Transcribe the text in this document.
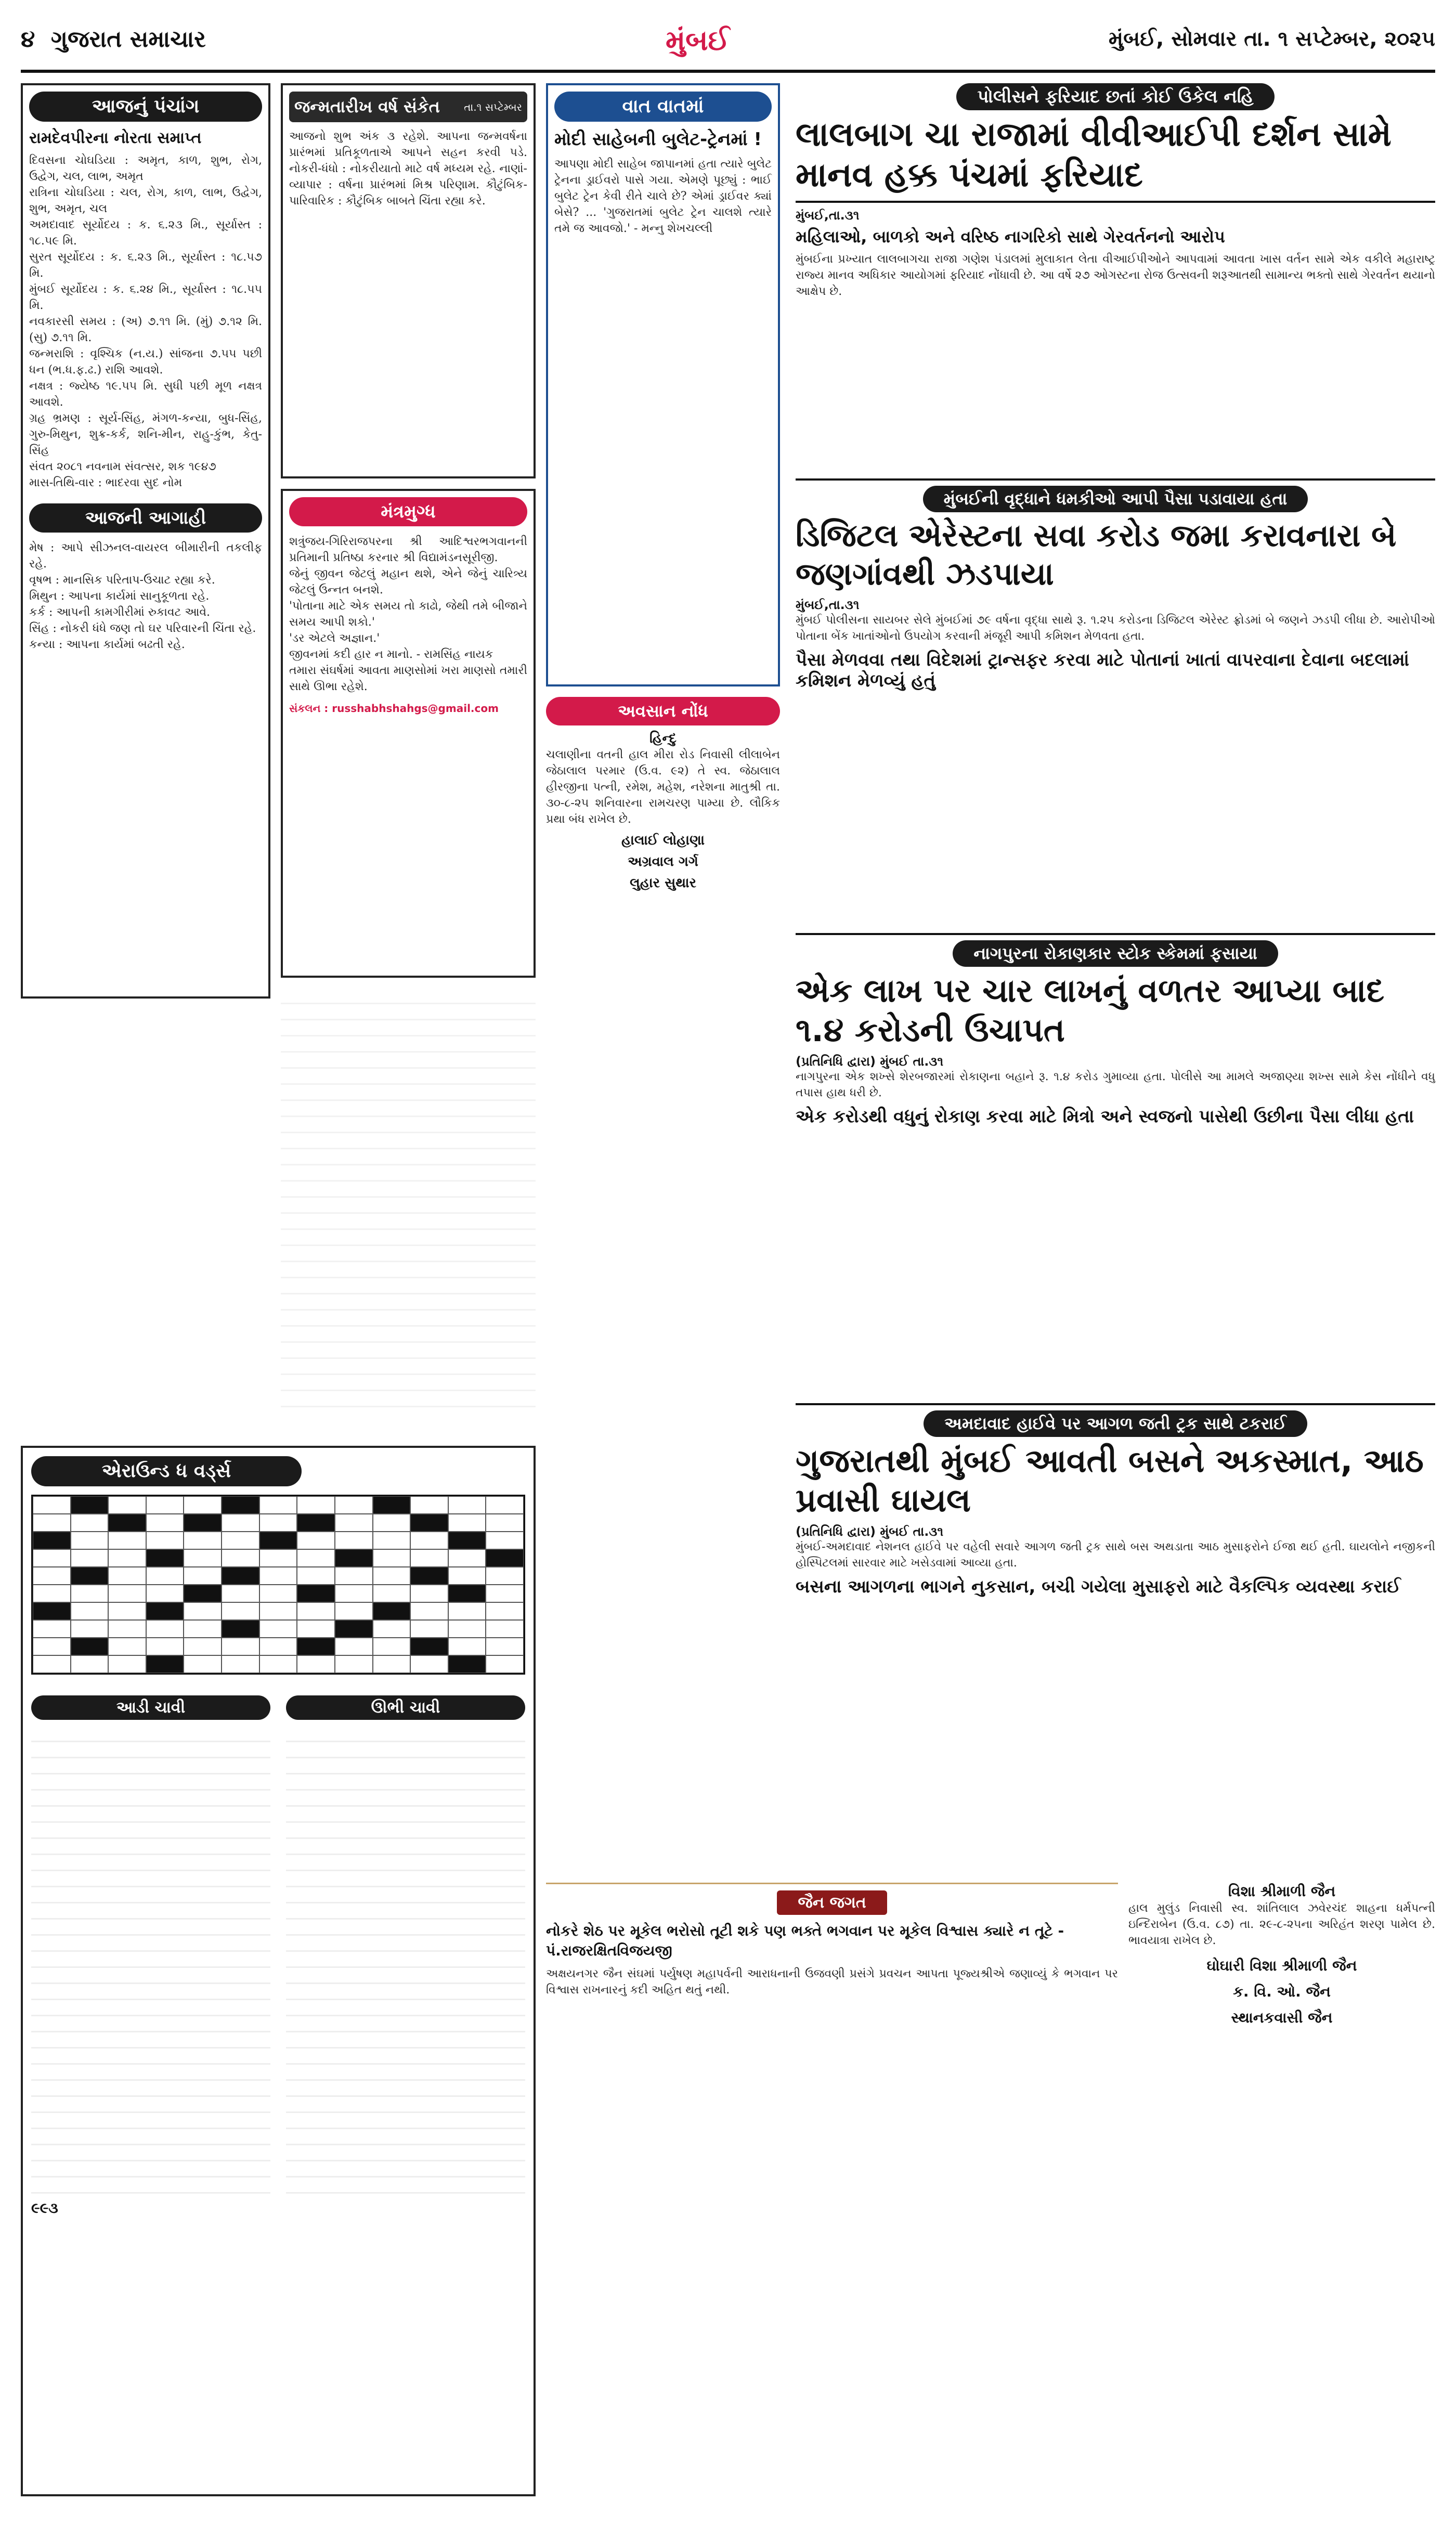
૪ ગુજરાત સમાચાર	મુંબઈ	મુંબઈ, સોમવાર તા. ૧ સપ્ટેમ્બર, ૨૦૨૫
આજનું પંચાંગ
રામદેવપીરના નોરતા સમાપ્ત

દિવસના ચોઘડિયા : અમૃત, કાળ, શુભ, રોગ, ઉદ્વેગ, ચલ, લાભ, અમૃત

રાત્રિના ચોઘડિયા : ચલ, રોગ, કાળ, લાભ, ઉદ્વેગ, શુભ, અમૃત, ચલ

અમદાવાદ સૂર્યોદય : ક. ૬.૨૩ મિ., સૂર્યાસ્ત : ૧૮.૫૯ મિ.

સુરત સૂર્યોદય : ક. ૬.૨૩ મિ., સૂર્યાસ્ત : ૧૮.૫૭ મિ.

મુંબઈ સૂર્યોદય : ક. ૬.૨૪ મિ., સૂર્યાસ્ત : ૧૮.૫૫ મિ.

નવકારસી સમય : (અ) ૭.૧૧ મિ. (મું) ૭.૧૨ મિ. (સુ) ૭.૧૧ મિ.

જન્મરાશિ : વૃશ્ચિક (ન.ય.) સાંજના ૭.૫૫ પછી ધન (ભ.ધ.ફ.ઢ.) રાશિ આવશે.

નક્ષત્ર : જ્યેષ્ઠ ૧૯.૫૫ મિ. સુધી પછી મૂળ નક્ષત્ર આવશે.

ગ્રહ ભ્રમણ : સૂર્ય-સિંહ, મંગળ-કન્યા, બુધ-સિંહ, ગુરુ-મિથુન, શુક્ર-કર્ક, શનિ-મીન, રાહુ-કુંભ, કેતુ-સિંહ

સંવત ૨૦૮૧ નવનામ સંવત્સર, શક ૧૯૪૭

માસ-તિથિ-વાર : ભાદરવા સુદ નોમ

આજની આગાહી

મેષ : આપે સીઝનલ-વાયરલ બીમારીની તકલીફ રહે.

વૃષભ : માનસિક પરિતાપ-ઉચાટ રહ્યા કરે.

મિથુન : આપના કાર્યમાં સાનુકૂળતા રહે.

કર્ક : આપની કામગીરીમાં રુકાવટ આવે.

સિંહ : નોકરી ધંધે જણ તો ઘર પરિવારની ચિંતા રહે.

કન્યા : આપના કાર્યમાં બઢતી રહે.

એરાઉન્ડ ધ વર્ડ્સ
આડી ચાવી	ઊભી ચાવી
૯૯૩
જન્મતારીખ વર્ષ સંકેત તા.૧ સપ્ટેમ્બર
આજનો શુભ અંક ૩ રહેશે. આપના જન્મવર્ષના પ્રારંભમાં પ્રતિકૂળતાએ આપને સહન કરવી પડે. નોકરી-ધંધો : નોકરીયાતો માટે વર્ષ મધ્યમ રહે. નાણાં-વ્યાપાર : વર્ષના પ્રારંભમાં મિશ્ર પરિણામ. કૌટુંબિક-પારિવારિક : કૌટુંબિક બાબતે ચિંતા રહ્યા કરે.
મંત્રમુગ્ધ

શત્રુંજય-ગિરિરાજપરના શ્રી આદિશ્વરભગવાનની પ્રતિમાની પ્રતિષ્ઠા કરનાર શ્રી વિદ્યામંડનસૂરીજી.

જેનું જીવન જેટલું મહાન થશે, એને જેનું ચારિત્ર્ય જેટલું ઉન્નત બનશે.

'પોતાના માટે એક સમય તો કાઢો, જેથી તમે બીજાને સમય આપી શકો.'

'ડર એટલે અજ્ઞાન.'

જીવનમાં કદી હાર ન માનો. - રામસિંહ નાયક

તમારા સંઘર્ષમાં આવતા માણસોમાં ખરા માણસો તમારી સાથે ઊભા રહેશે.

સંકલન : russhabhshahgs@gmail.com
વાત વાતમાં
મોદી સાહેબની બુલેટ-ટ્રેનમાં !
આપણા મોદી સાહેબ જાપાનમાં હતા ત્યારે બુલેટ ટ્રેનના ડ્રાઈવરો પાસે ગયા. એમણે પૂછ્યું : ભાઈ બુલેટ ટ્રેન કેવી રીતે ચાલે છે? એમાં ડ્રાઈવર ક્યાં બેસે? ... 'ગુજરાતમાં બુલેટ ટ્રેન ચાલશે ત્યારે તમે જ આવજો.' - મન્નુ શેખચલ્લી
અવસાન નોંધ
હિન્દુ
ચલાણીના વતની હાલ મીરા રોડ નિવાસી લીલાબેન જેઠાલાલ પરમાર (ઉ.વ. ૯૨) તે સ્વ. જેઠાલાલ હીરજીના પત્ની, રમેશ, મહેશ, નરેશના માતુશ્રી તા. ૩૦-૮-૨૫ શનિવારના રામચરણ પામ્યા છે. લૌકિક પ્રથા બંધ રાખેલ છે.
હાલાઈ લોહાણા
અગ્રવાલ ગર્ગ
લુહાર સુથાર
જૈન જગત
નોકરે શેઠ પર મૂકેલ ભરોસો તૂટી શકે પણ ભક્તે ભગવાન પર મૂકેલ વિશ્વાસ ક્યારે ન તૂટે - પં.રાજરક્ષિતવિજયજી
અક્ષયનગર જૈન સંઘમાં પર્યુષણ મહાપર્વની આરાધનાની ઉજવણી પ્રસંગે પ્રવચન આપતા પૂજ્યશ્રીએ જણાવ્યું કે ભગવાન પર વિશ્વાસ રાખનારનું કદી અહિત થતું નથી.
પોલીસને ફરિયાદ છતાં કોઈ ઉકેલ નહિ
લાલબાગ ચા રાજામાં વીવીઆઈપી દર્શન સામે માનવ હક્ક પંચમાં ફરિયાદ
મુંબઈ,તા.૩૧
મહિલાઓ, બાળકો અને વરિષ્ઠ નાગરિકો સાથે ગેરવર્તનનો આરોપ
મુંબઈના પ્રખ્યાત લાલબાગચા રાજા ગણેશ પંડાલમાં મુલાકાત લેતા વીઆઈપીઓને આપવામાં આવતા ખાસ વર્તન સામે એક વકીલે મહારાષ્ટ્ર રાજ્ય માનવ અધિકાર આયોગમાં ફરિયાદ નોંધાવી છે. આ વર્ષે ૨૭ ઓગસ્ટના રોજ ઉત્સવની શરૂઆતથી સામાન્ય ભક્તો સાથે ગેરવર્તન થયાનો આક્ષેપ છે.
મુંબઈની વૃદ્ધાને ધમકીઓ આપી પૈસા પડાવાયા હતા
ડિજિટલ એરેસ્ટના સવા કરોડ જમા કરાવનારા બે જણગાંવથી ઝડપાયા
મુંબઈ,તા.૩૧
મુંબઈ પોલીસના સાયબર સેલે મુંબઈમાં ૭૯ વર્ષના વૃદ્ધા સાથે રૂ. ૧.૨૫ કરોડના ડિજિટલ એરેસ્ટ ફ્રોડમાં બે જણને ઝડપી લીધા છે. આરોપીઓ પોતાના બેંક ખાતાંઓનો ઉપયોગ કરવાની મંજૂરી આપી કમિશન મેળવતા હતા.
પૈસા મેળવવા તથા વિદેશમાં ટ્રાન્સફર કરવા માટે પોતાનાં ખાતાં વાપરવાના દેવાના બદલામાં કમિશન મેળવ્યું હતું
નાગપુરના રોકાણકાર સ્ટોક સ્કેમમાં ફસાયા
એક લાખ પર ચાર લાખનું વળતર આપ્યા બાદ ૧.૪ કરોડની ઉચાપત
(પ્રતિનિધિ દ્વારા) મુંબઈ તા.૩૧
નાગપુરના એક શખ્સે શેરબજારમાં રોકાણના બહાને રૂ. ૧.૪ કરોડ ગુમાવ્યા હતા. પોલીસે આ મામલે અજાણ્યા શખ્સ સામે કેસ નોંધીને વધુ તપાસ હાથ ધરી છે.
એક કરોડથી વધુનું રોકાણ કરવા માટે મિત્રો અને સ્વજનો પાસેથી ઉછીના પૈસા લીધા હતા
અમદાવાદ હાઈવે પર આગળ જતી ટ્રક સાથે ટકરાઈ
ગુજરાતથી મુંબઈ આવતી બસને અકસ્માત, આઠ પ્રવાસી ઘાયલ
(પ્રતિનિધિ દ્વારા) મુંબઈ તા.૩૧
મુંબઈ-અમદાવાદ નેશનલ હાઈવે પર વહેલી સવારે આગળ જતી ટ્રક સાથે બસ અથડાતા આઠ મુસાફરોને ઈજા થઈ હતી. ઘાયલોને નજીકની હોસ્પિટલમાં સારવાર માટે ખસેડવામાં આવ્યા હતા.
બસના આગળના ભાગને નુકસાન, બચી ગયેલા મુસાફરો માટે વૈકલ્પિક વ્યવસ્થા કરાઈ
વિશા શ્રીમાળી જૈન
હાલ મુલુંડ નિવાસી સ્વ. શાંતિલાલ ઝવેરચંદ શાહના ધર્મપત્ની ઇન્દિરાબેન (ઉ.વ. ૮૭) તા. ૨૯-૮-૨૫ના અરિહંત શરણ પામેલ છે. ભાવયાત્રા રાખેલ છે.
ઘોઘારી વિશા શ્રીમાળી જૈન
ક. વિ. ઓ. જૈન
સ્થાનકવાસી જૈન
